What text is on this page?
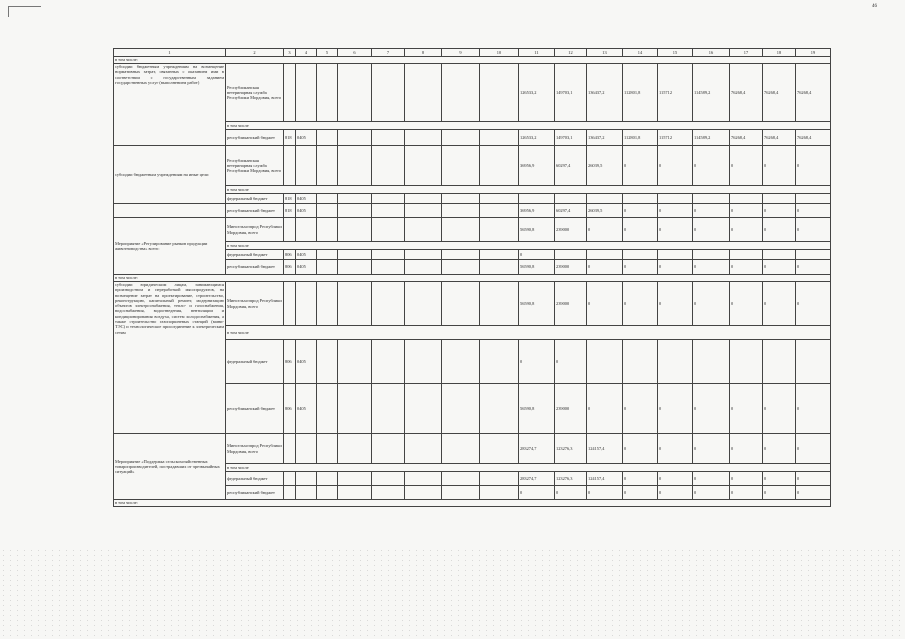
46
1	2	3	4	5	6	7	8	9	10	11	12	13	14	15	16	17	18	19
в том числе:																		
субсидии бюджетным учреждениям на возмещение нормативных затрат, связанных с оказанием ими в соответствии с государственным заданием государственных услуг (выполнением работ)	Республиканская ветеринарная служба Республики Мордовия, всего									126533,2	149703,1	136437,2	112801,8	115712	114589,2	76268,4	76268,4	76268,4
	в том числе																	
	республиканский бюджет	818	0405							126533,2	149703,1	136437,2	112801,8	115712	114589,2	76268,4	76268,4	76268,4
субсидии бюджетным учреждениям на иные цели	Республиканская ветеринарная служба Республики Мордовия, всего									36956,9	60297,4	26039,5	0	0	0	0	0	0
	в том числе																	
	федеральный бюджет	818	0405															
	республиканский бюджет	818	0405							36956,9	60297,4	26039,5	0	0	0	0	0	0
Мероприятие «Регулирование рынков продукции животноводства» всего:	Минсельхозпрод Республики Мордовия, всего									56590,8	239000	0	0	0	0	0	0	0
	в том числе																	
	федеральный бюджет	806	0405							0								
	республиканский бюджет	806	0405							56590,8	239000	0	0	0	0	0	0	0
в том числе:																		
субсидии юридическим лицам, занимающимся производством и переработкой мясопродуктов, на возмещение затрат на проектирование, строительство, реконструкцию, капитальный ремонт, модернизацию объектов электроснабжения, тепло- и газоснабжения, водоснабжения, водоотведения, вентиляции и кондиционирования воздуха, систем холодоснабжения, а также строительство газопоршневых станций (мини-ТЭС) и технологическое присоединение к электрическим сетям	Минсельхозпрод Республики Мордовия, всего									56590,8	239000	0	0	0	0	0	0	0
	в том числе																	
	федеральный бюджет	806	0405							0	0							
	республиканский бюджет	806	0405							56590,8	239000	0	0	0	0	0	0	0
Мероприятие «Поддержка сельскохозяйственных товаропроизводителей, пострадавших от чрезвычайных ситуаций»	Минсельхозпрод Республики Мордовия, всего									283274,7	123276,3	124157,4	0	0	0	0	0	0
	в том числе																	
	федеральный бюджет									283274,7	123276,3	124157,4	0	0	0	0	0	0
	республиканский бюджет									0	0	0	0	0	0	0	0	0
в том числе:																		
